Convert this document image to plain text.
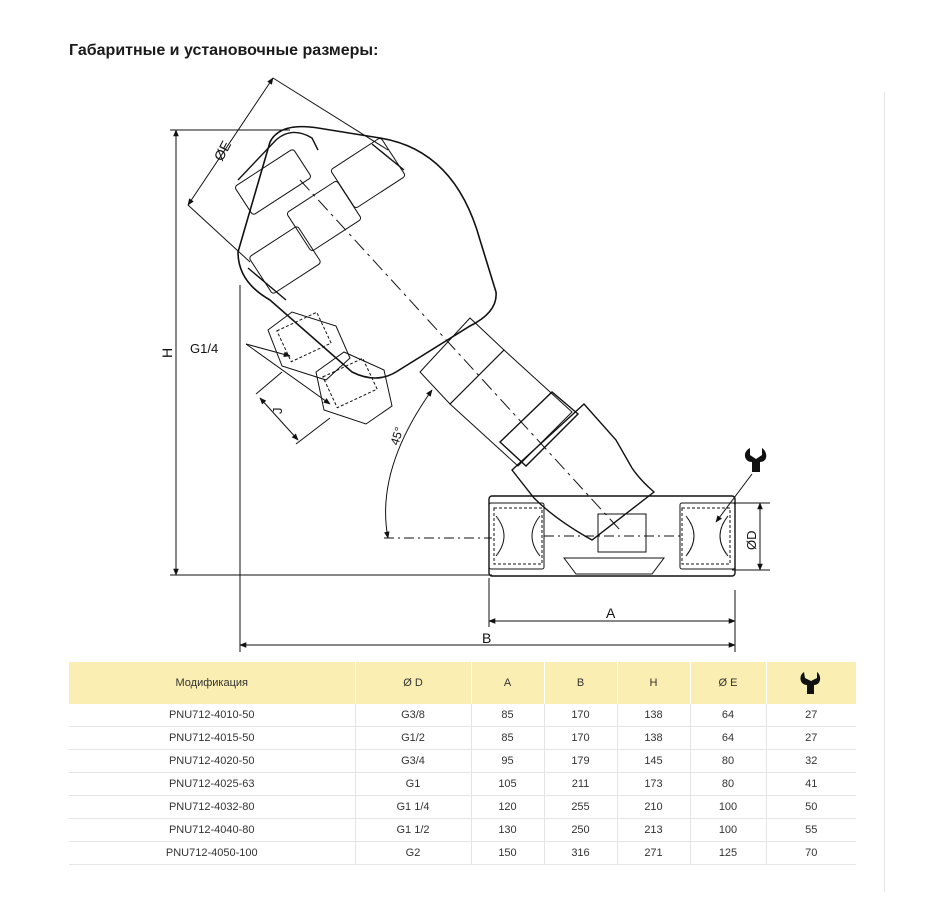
Габаритные и установочные размеры:
ØE
H G1/4
J
45°
ØD
A
B
Модификация	Ø D	A	B	H	Ø E	
PNU712-4010-50	G3/8	85	170	138	64	27
PNU712-4015-50	G1/2	85	170	138	64	27
PNU712-4020-50	G3/4	95	179	145	80	32
PNU712-4025-63	G1	105	211	173	80	41
PNU712-4032-80	G1 1/4	120	255	210	100	50
PNU712-4040-80	G1 1/2	130	250	213	100	55
PNU712-4050-100	G2	150	316	271	125	70
